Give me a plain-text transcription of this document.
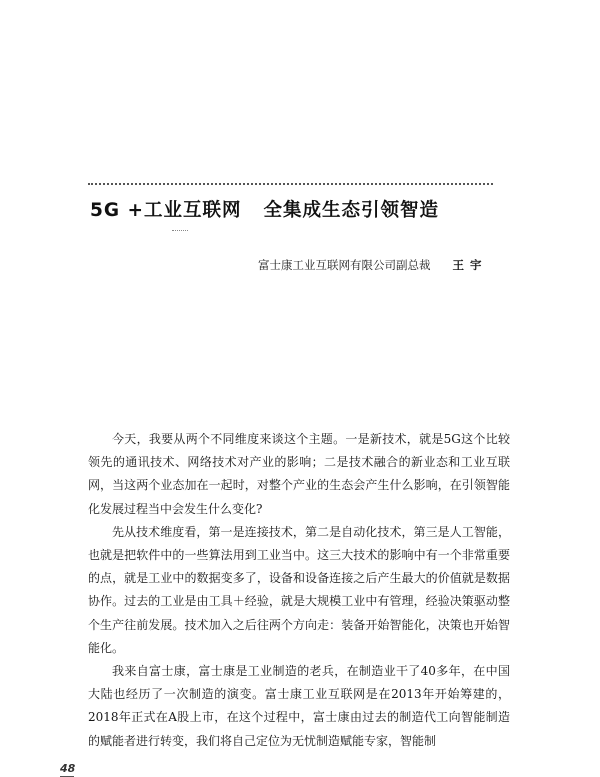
5G +工业互联网 全集成生态引领智造
富士康工业互联网有限公司副总裁 王宇

今天，我要从两个不同维度来谈这个主题。一是新技术，就是5G这个比较领先的通讯技术、网络技术对产业的影响；二是技术融合的新业态和工业互联网，当这两个业态加在一起时，对整个产业的生态会产生什么影响，在引领智能化发展过程当中会发生什么变化?

先从技术维度看，第一是连接技术，第二是自动化技术，第三是人工智能，也就是把软件中的一些算法用到工业当中。这三大技术的影响中有一个非常重要的点，就是工业中的数据变多了，设备和设备连接之后产生最大的价值就是数据协作。过去的工业是由工具＋经验，就是大规模工业中有管理，经验决策驱动整个生产往前发展。技术加入之后往两个方向走：装备开始智能化，决策也开始智能化。

我来自富士康，富士康是工业制造的老兵，在制造业干了40多年，在中国大陆也经历了一次制造的演变。富士康工业互联网是在2013年开始筹建的，2018年正式在A股上市，在这个过程中，富士康由过去的制造代工向智能制造的赋能者进行转变，我们将自己定位为无忧制造赋能专家，智能制

48
